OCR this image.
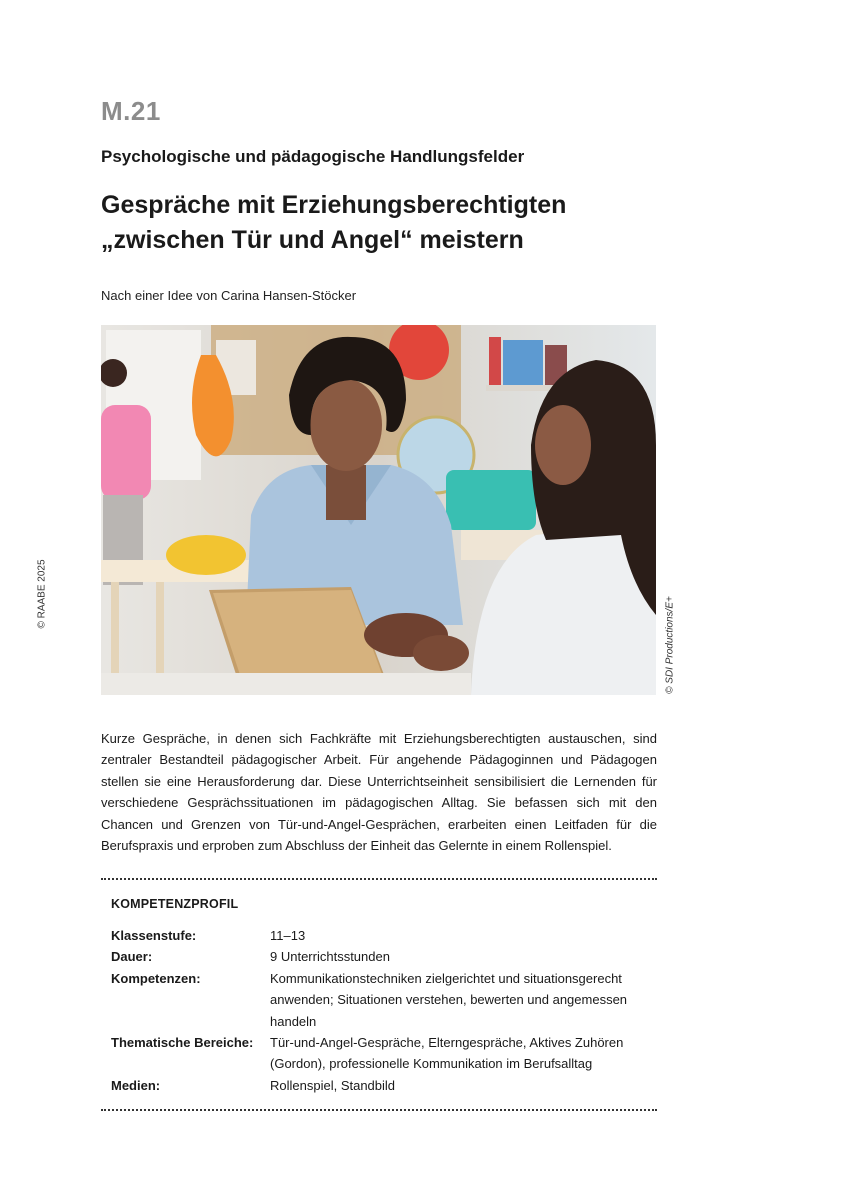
M.21
Psychologische und pädagogische Handlungsfelder
Gespräche mit Erziehungsberechtigten „zwischen Tür und Angel“ meistern
Nach einer Idee von Carina Hansen-Stöcker
© RAABE 2025
© SDI Productions/E+

Kurze Gespräche, in denen sich Fachkräfte mit Erziehungsberechtigten austauschen, sind zentraler Bestandteil pädagogischer Arbeit. Für angehende Pädagoginnen und Pädagogen stellen sie eine Herausforderung dar. Diese Unterrichtseinheit sensibilisiert die Lernenden für verschiedene Gesprächssituationen im pädagogischen Alltag. Sie befassen sich mit den Chancen und Grenzen von Tür-und-Angel-Gesprächen, erarbeiten einen Leitfaden für die Berufspraxis und erproben zum Abschluss der Einheit das Gelernte in einem Rollenspiel.

KOMPETENZPROFIL
Klassenstufe:	11–13
Dauer:	9 Unterrichtsstunden
Kompetenzen:	Kommunikationstechniken zielgerichtet und situationsgerecht anwenden; Situationen verstehen, bewerten und angemessen handeln
Thematische Bereiche:	Tür-und-Angel-Gespräche, Elterngespräche, Aktives Zuhören (Gordon), professionelle Kommunikation im Berufsalltag
Medien:	Rollenspiel, Standbild
